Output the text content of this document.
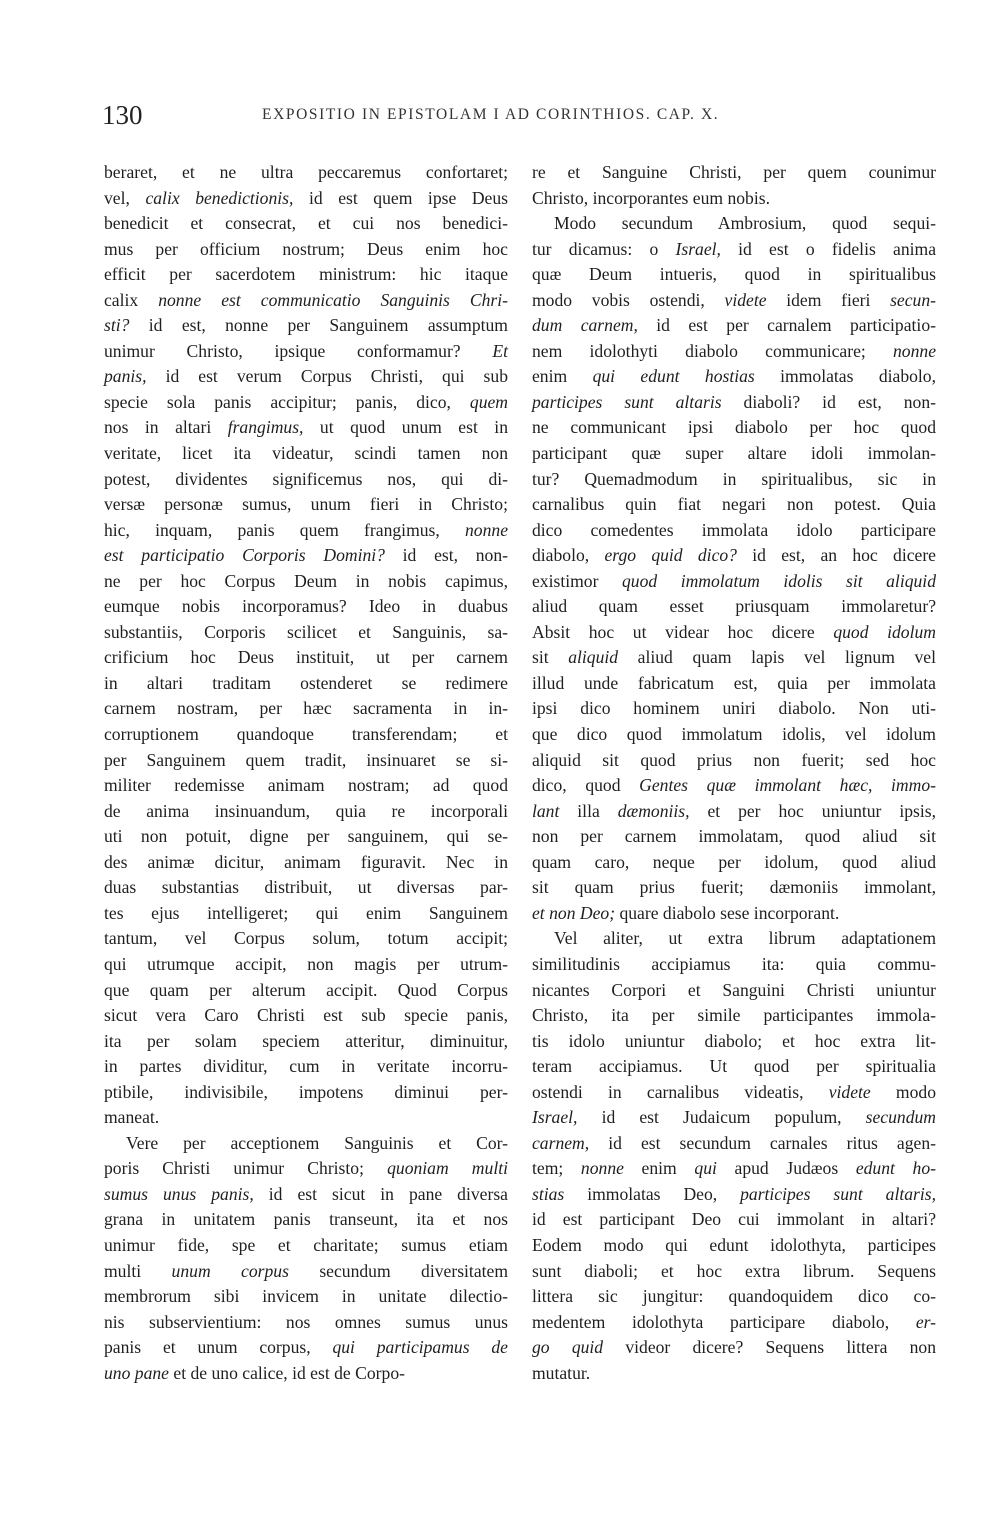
130	EXPOSITIO IN EPISTOLAM I AD CORINTHIOS. CAP. X.
beraret, et ne ultra peccaremus confortaret;
vel, calix benedictionis, id est quem ipse Deus
benedicit et consecrat, et cui nos benedici-
mus per officium nostrum; Deus enim hoc
efficit per sacerdotem ministrum: hic itaque
calix nonne est communicatio Sanguinis Chri-
sti? id est, nonne per Sanguinem assumptum
unimur Christo, ipsique conformamur? Et
panis, id est verum Corpus Christi, qui sub
specie sola panis accipitur; panis, dico, quem
nos in altari frangimus, ut quod unum est in
veritate, licet ita videatur, scindi tamen non
potest, dividentes significemus nos, qui di-
versæ personæ sumus, unum fieri in Christo;
hic, inquam, panis quem frangimus, nonne
est participatio Corporis Domini? id est, non-
ne per hoc Corpus Deum in nobis capimus,
eumque nobis incorporamus? Ideo in duabus
substantiis, Corporis scilicet et Sanguinis, sa-
crificium hoc Deus instituit, ut per carnem
in altari traditam ostenderet se redimere
carnem nostram, per hæc sacramenta in in-
corruptionem quandoque transferendam; et
per Sanguinem quem tradit, insinuaret se si-
militer redemisse animam nostram; ad quod
de anima insinuandum, quia re incorporali
uti non potuit, digne per sanguinem, qui se-
des animæ dicitur, animam figuravit. Nec in
duas substantias distribuit, ut diversas par-
tes ejus intelligeret; qui enim Sanguinem
tantum, vel Corpus solum, totum accipit;
qui utrumque accipit, non magis per utrum-
que quam per alterum accipit. Quod Corpus
sicut vera Caro Christi est sub specie panis,
ita per solam speciem atteritur, diminuitur,
in partes dividitur, cum in veritate incorru-
ptibile, indivisibile, impotens diminui per-
maneat.
Vere per acceptionem Sanguinis et Cor-
poris Christi unimur Christo; quoniam multi
sumus unus panis, id est sicut in pane diversa
grana in unitatem panis transeunt, ita et nos
unimur fide, spe et charitate; sumus etiam
multi unum corpus secundum diversitatem
membrorum sibi invicem in unitate dilectio-
nis subservientium: nos omnes sumus unus
panis et unum corpus, qui participamus de
uno pane et de uno calice, id est de Corpo-
re et Sanguine Christi, per quem counimur
Christo, incorporantes eum nobis.
Modo secundum Ambrosium, quod sequi-
tur dicamus: o Israel, id est o fidelis anima
quæ Deum intueris, quod in spiritualibus
modo vobis ostendi, videte idem fieri secun-
dum carnem, id est per carnalem participatio-
nem idolothyti diabolo communicare; nonne
enim qui edunt hostias immolatas diabolo,
participes sunt altaris diaboli? id est, non-
ne communicant ipsi diabolo per hoc quod
participant quæ super altare idoli immolan-
tur? Quemadmodum in spiritualibus, sic in
carnalibus quin fiat negari non potest. Quia
dico comedentes immolata idolo participare
diabolo, ergo quid dico? id est, an hoc dicere
existimor quod immolatum idolis sit aliquid
aliud quam esset priusquam immolaretur?
Absit hoc ut videar hoc dicere quod idolum
sit aliquid aliud quam lapis vel lignum vel
illud unde fabricatum est, quia per immolata
ipsi dico hominem uniri diabolo. Non uti-
que dico quod immolatum idolis, vel idolum
aliquid sit quod prius non fuerit; sed hoc
dico, quod Gentes quæ immolant hæc, immo-
lant illa dæmoniis, et per hoc uniuntur ipsis,
non per carnem immolatam, quod aliud sit
quam caro, neque per idolum, quod aliud
sit quam prius fuerit; dæmoniis immolant,
et non Deo; quare diabolo sese incorporant.
Vel aliter, ut extra librum adaptationem
similitudinis accipiamus ita: quia commu-
nicantes Corpori et Sanguini Christi uniuntur
Christo, ita per simile participantes immola-
tis idolo uniuntur diabolo; et hoc extra lit-
teram accipiamus. Ut quod per spiritualia
ostendi in carnalibus videatis, videte modo
Israel, id est Judaicum populum, secundum
carnem, id est secundum carnales ritus agen-
tem; nonne enim qui apud Judæos edunt ho-
stias immolatas Deo, participes sunt altaris,
id est participant Deo cui immolant in altari?
Eodem modo qui edunt idolothyta, participes
sunt diaboli; et hoc extra librum. Sequens
littera sic jungitur: quandoquidem dico co-
medentem idolothyta participare diabolo, er-
go quid videor dicere? Sequens littera non
mutatur.
